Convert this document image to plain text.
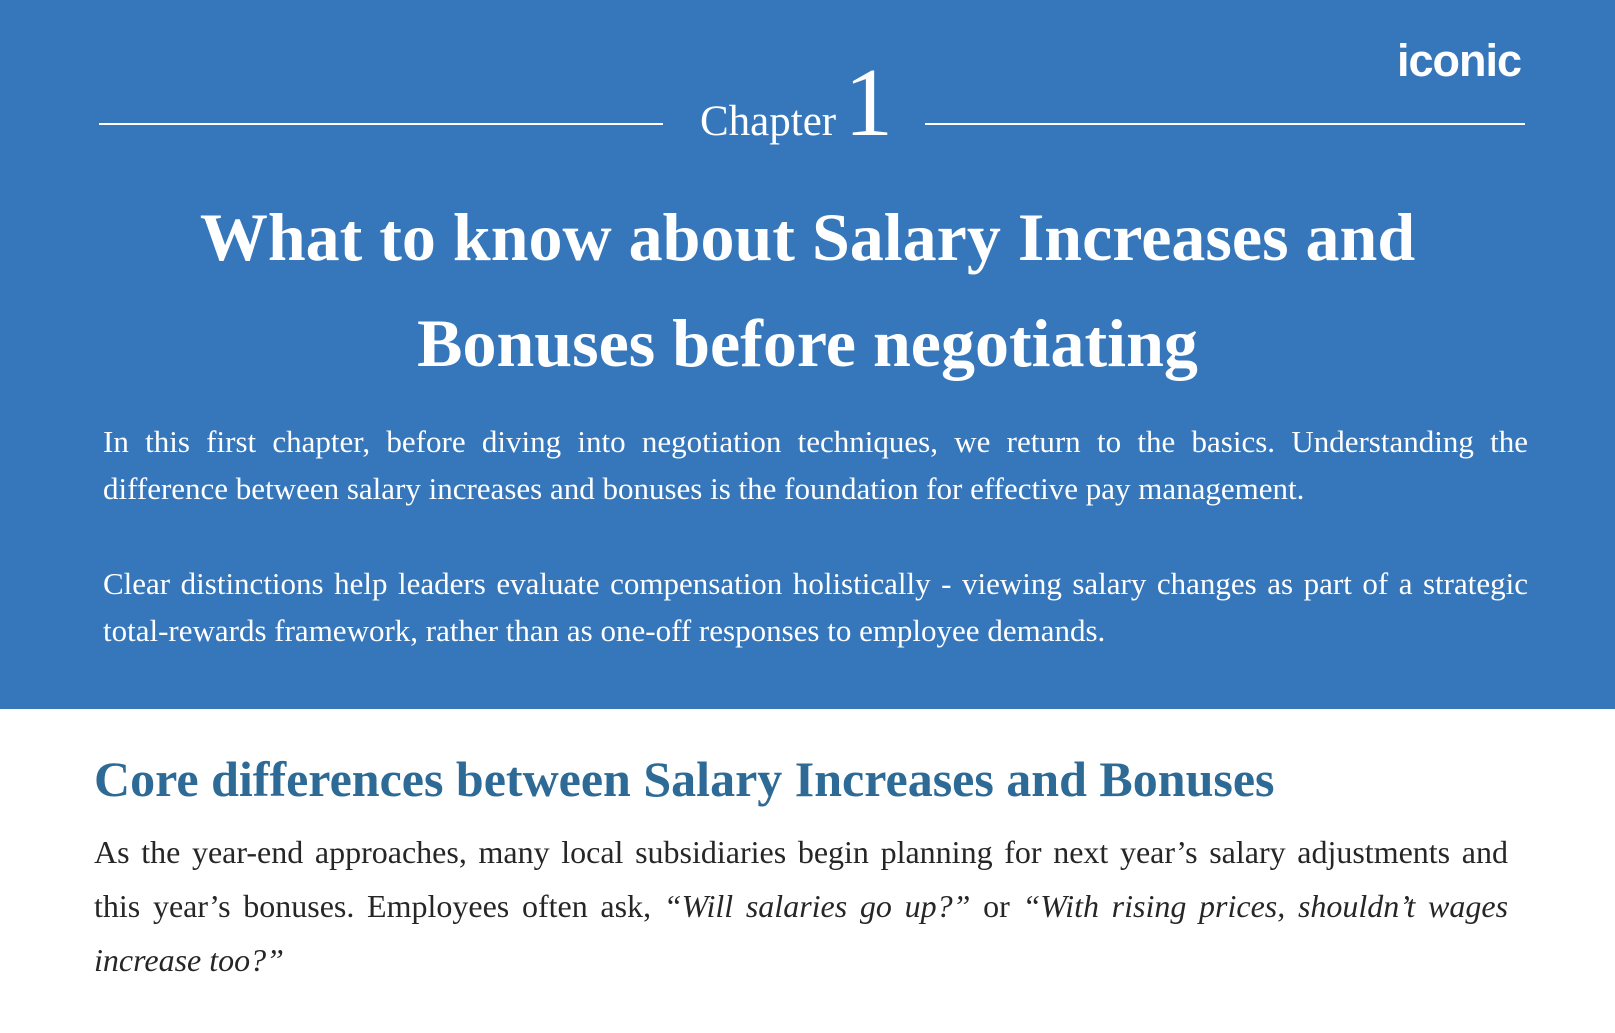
iconic
Chapter 1
What to know about Salary Increases and
Bonuses before negotiating

In this first chapter, before diving into negotiation techniques, we return to the basics. Understanding the difference between salary increases and bonuses is the foundation for effective pay management.

Clear distinctions help leaders evaluate compensation holistically - viewing salary changes as part of a strategic total-rewards framework, rather than as one-off responses to employee demands.

Core differences between Salary Increases and Bonuses

As the year-end approaches, many local subsidiaries begin planning for next year’s salary adjustments and this year’s bonuses. Employees often ask, “Will salaries go up?” or “With rising prices, shouldn’t wages increase too?”
